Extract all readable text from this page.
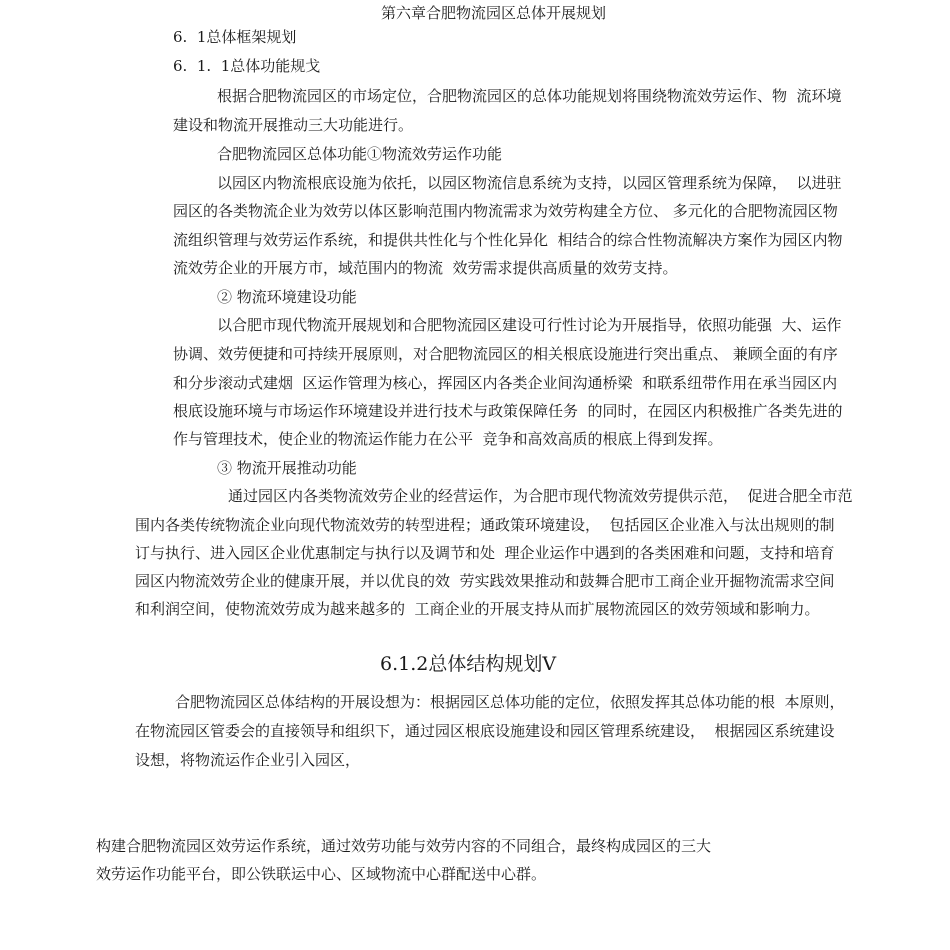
第六章合肥物流园区总体开展规划

6.  1总体框架规划

6.  1.  1总体功能规戈

根据合肥物流园区的市场定位，合肥物流园区的总体功能规划将围绕物流效劳运作、物  流环境

建设和物流开展推动三大功能进行。

合肥物流园区总体功能①物流效劳运作功能

以园区内物流根底设施为依托，以园区物流信息系统为支持，以园区管理系统为保障，  以进驻

园区的各类物流企业为效劳以体区影响范围内物流需求为效劳构建全方位、 多元化的合肥物流园区物

流组织管理与效劳运作系统，和提供共性化与个性化异化  相结合的综合性物流解决方案作为园区内物

流效劳企业的开展方市，域范围内的物流  效劳需求提供高质量的效劳支持。

② 物流环境建设功能

以合肥市现代物流开展规划和合肥物流园区建设可行性讨论为开展指导，依照功能强  大、运作

协调、效劳便捷和可持续开展原则，对合肥物流园区的相关根底设施进行突出重点、 兼顾全面的有序

和分步滚动式建烟  区运作管理为核心，挥园区内各类企业间沟通桥梁  和联系纽带作用在承当园区内

根底设施环境与市场运作环境建设并进行技术与政策保障任务  的同时，在园区内积极推广各类先进的

作与管理技术，使企业的物流运作能力在公平  竞争和高效高质的根底上得到发挥。

③ 物流开展推动功能

通过园区内各类物流效劳企业的经营运作，为合肥市现代物流效劳提供示范，  促进合肥全市范

围内各类传统物流企业向现代物流效劳的转型进程；通政策环境建设，  包括园区企业准入与汰出规则的制

订与执行、进入园区企业优惠制定与执行以及调节和处  理企业运作中遇到的各类困难和问题，支持和培育

园区内物流效劳企业的健康开展，并以优良的效  劳实践效果推动和鼓舞合肥市工商企业开掘物流需求空间

和利润空间，使物流效劳成为越来越多的  工商企业的开展支持从而扩展物流园区的效劳领域和影响力。

6.1.2总体结构规划V

合肥物流园区总体结构的开展设想为：根据园区总体功能的定位，依照发挥其总体功能的根  本原则，

在物流园区管委会的直接领导和组织下，通过园区根底设施建设和园区管理系统建设，  根据园区系统建设

设想，将物流运作企业引入园区，

构建合肥物流园区效劳运作系统，通过效劳功能与效劳内容的不同组合，最终构成园区的三大

效劳运作功能平台，即公铁联运中心、区域物流中心群配送中心群。
